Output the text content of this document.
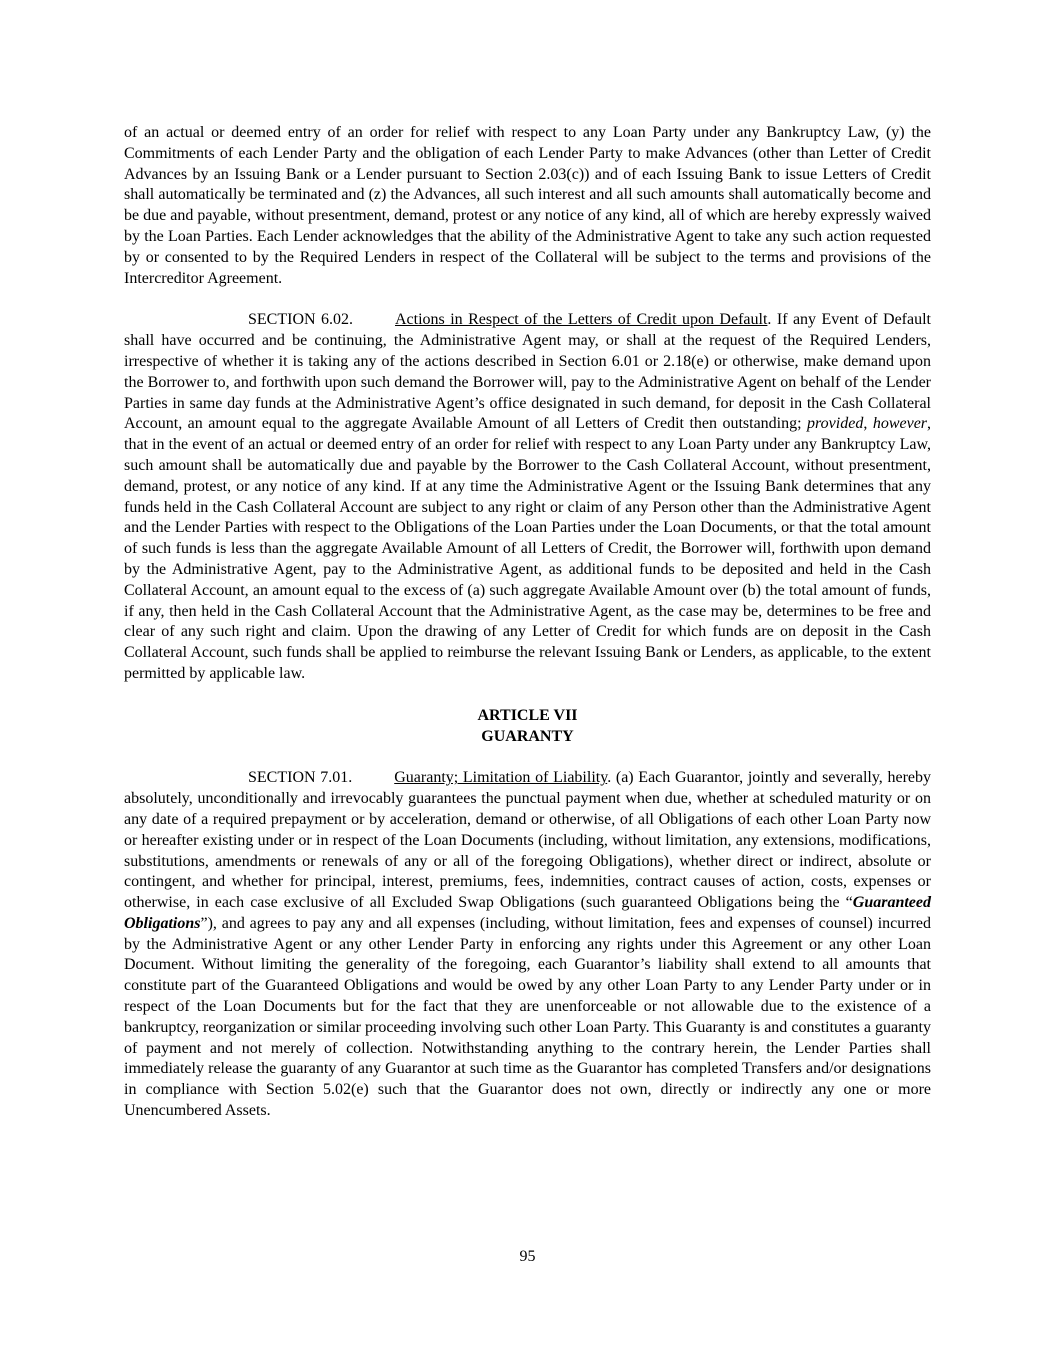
of an actual or deemed entry of an order for relief with respect to any Loan Party under any Bankruptcy Law, (y) the Commitments of each Lender Party and the obligation of each Lender Party to make Advances (other than Letter of Credit Advances by an Issuing Bank or a Lender pursuant to Section 2.03(c)) and of each Issuing Bank to issue Letters of Credit shall automatically be terminated and (z) the Advances, all such interest and all such amounts shall automatically become and be due and payable, without presentment, demand, protest or any notice of any kind, all of which are hereby expressly waived by the Loan Parties. Each Lender acknowledges that the ability of the Administrative Agent to take any such action requested by or consented to by the Required Lenders in respect of the Collateral will be subject to the terms and provisions of the Intercreditor Agreement.

SECTION 6.02.	Actions in Respect of the Letters of Credit upon Default. If any Event of Default shall have occurred and be continuing, the Administrative Agent may, or shall at the request of the Required Lenders, irrespective of whether it is taking any of the actions described in Section 6.01 or 2.18(e) or otherwise, make demand upon the Borrower to, and forthwith upon such demand the Borrower will, pay to the Administrative Agent on behalf of the Lender Parties in same day funds at the Administrative Agent’s office designated in such demand, for deposit in the Cash Collateral Account, an amount equal to the aggregate Available Amount of all Letters of Credit then outstanding; provided, however, that in the event of an actual or deemed entry of an order for relief with respect to any Loan Party under any Bankruptcy Law, such amount shall be automatically due and payable by the Borrower to the Cash Collateral Account, without presentment, demand, protest, or any notice of any kind. If at any time the Administrative Agent or the Issuing Bank determines that any funds held in the Cash Collateral Account are subject to any right or claim of any Person other than the Administrative Agent and the Lender Parties with respect to the Obligations of the Loan Parties under the Loan Documents, or that the total amount of such funds is less than the aggregate Available Amount of all Letters of Credit, the Borrower will, forthwith upon demand by the Administrative Agent, pay to the Administrative Agent, as additional funds to be deposited and held in the Cash Collateral Account, an amount equal to the excess of (a) such aggregate Available Amount over (b) the total amount of funds, if any, then held in the Cash Collateral Account that the Administrative Agent, as the case may be, determines to be free and clear of any such right and claim. Upon the drawing of any Letter of Credit for which funds are on deposit in the Cash Collateral Account, such funds shall be applied to reimburse the relevant Issuing Bank or Lenders, as applicable, to the extent permitted by applicable law.

ARTICLE VII

GUARANTY

SECTION 7.01.	Guaranty; Limitation of Liability. (a) Each Guarantor, jointly and severally, hereby absolutely, unconditionally and irrevocably guarantees the punctual payment when due, whether at scheduled maturity or on any date of a required prepayment or by acceleration, demand or otherwise, of all Obligations of each other Loan Party now or hereafter existing under or in respect of the Loan Documents (including, without limitation, any extensions, modifications, substitutions, amendments or renewals of any or all of the foregoing Obligations), whether direct or indirect, absolute or contingent, and whether for principal, interest, premiums, fees, indemnities, contract causes of action, costs, expenses or otherwise, in each case exclusive of all Excluded Swap Obligations (such guaranteed Obligations being the “Guaranteed Obligations”), and agrees to pay any and all expenses (including, without limitation, fees and expenses of counsel) incurred by the Administrative Agent or any other Lender Party in enforcing any rights under this Agreement or any other Loan Document. Without limiting the generality of the foregoing, each Guarantor’s liability shall extend to all amounts that constitute part of the Guaranteed Obligations and would be owed by any other Loan Party to any Lender Party under or in respect of the Loan Documents but for the fact that they are unenforceable or not allowable due to the existence of a bankruptcy, reorganization or similar proceeding involving such other Loan Party. This Guaranty is and constitutes a guaranty of payment and not merely of collection. Notwithstanding anything to the contrary herein, the Lender Parties shall immediately release the guaranty of any Guarantor at such time as the Guarantor has completed Transfers and/or designations in compliance with Section 5.02(e) such that the Guarantor does not own, directly or indirectly any one or more Unencumbered Assets.

95
